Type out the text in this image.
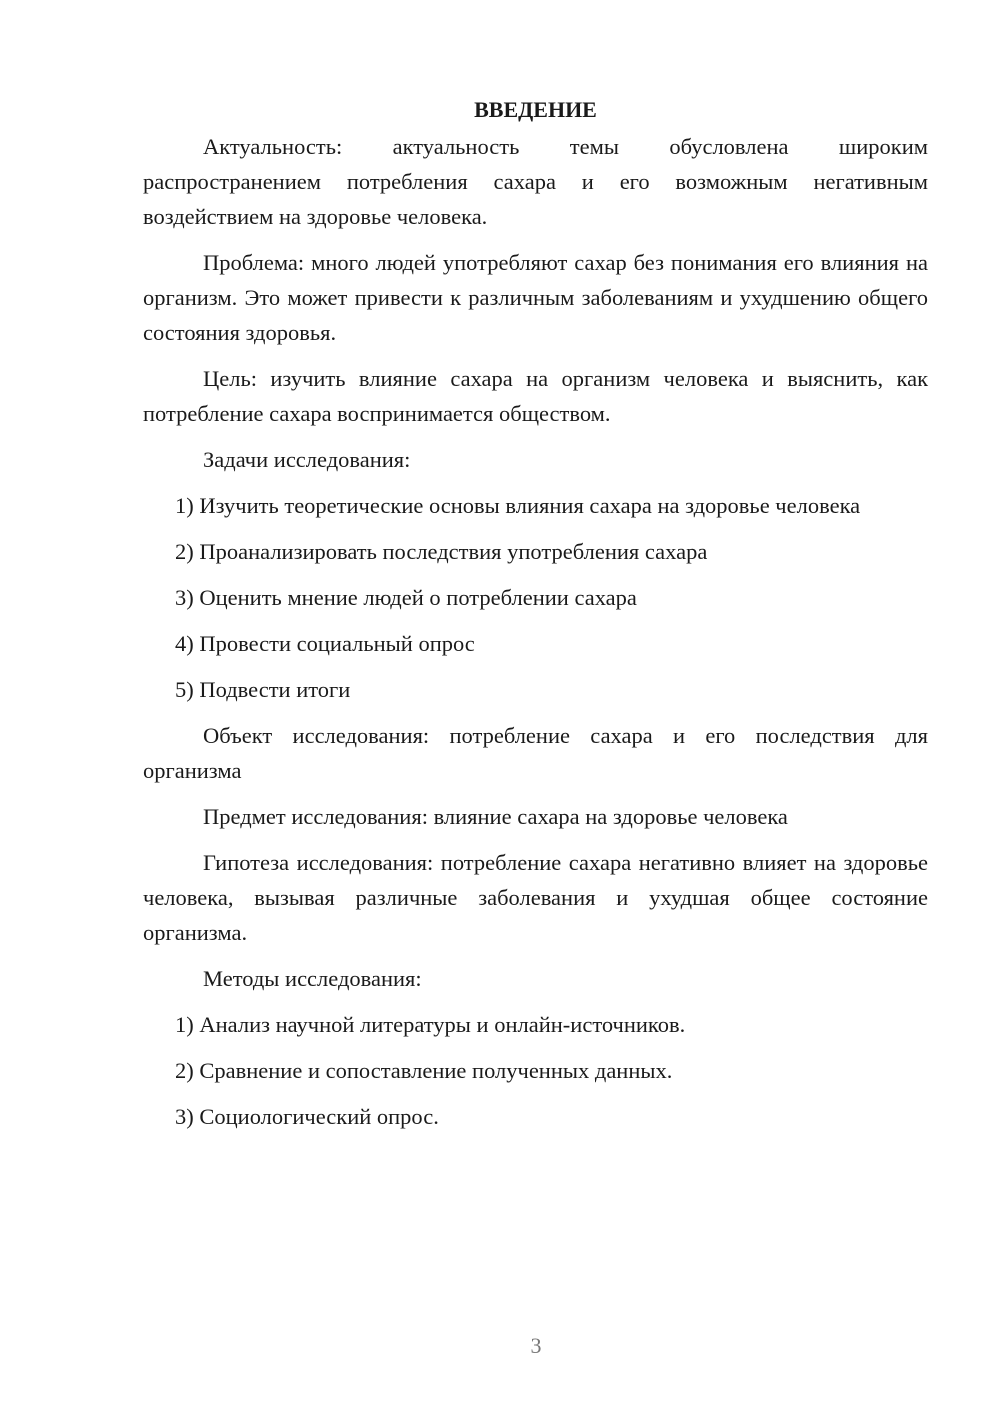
ВВЕДЕНИЕ

Актуальность: актуальность темы обусловлена широким распространением потребления сахара и его возможным негативным воздействием на здоровье человека.

Проблема: много людей употребляют сахар без понимания его влияния на организм. Это может привести к различным заболеваниям и ухудшению общего состояния здоровья.

Цель: изучить влияние сахара на организм человека и выяснить, как потребление сахара воспринимается обществом.

Задачи исследования:

1) Изучить теоретические основы влияния сахара на здоровье человека

2) Проанализировать последствия употребления сахара

3) Оценить мнение людей о потреблении сахара

4) Провести социальный опрос

5) Подвести итоги

Объект исследования: потребление сахара и его последствия для организма

Предмет исследования: влияние сахара на здоровье человека

Гипотеза исследования: потребление сахара негативно влияет на здоровье человека, вызывая различные заболевания и ухудшая общее состояние организма.

Методы исследования:

1) Анализ научной литературы и онлайн-источников.

2) Сравнение и сопоставление полученных данных.

3) Социологический опрос.

3
